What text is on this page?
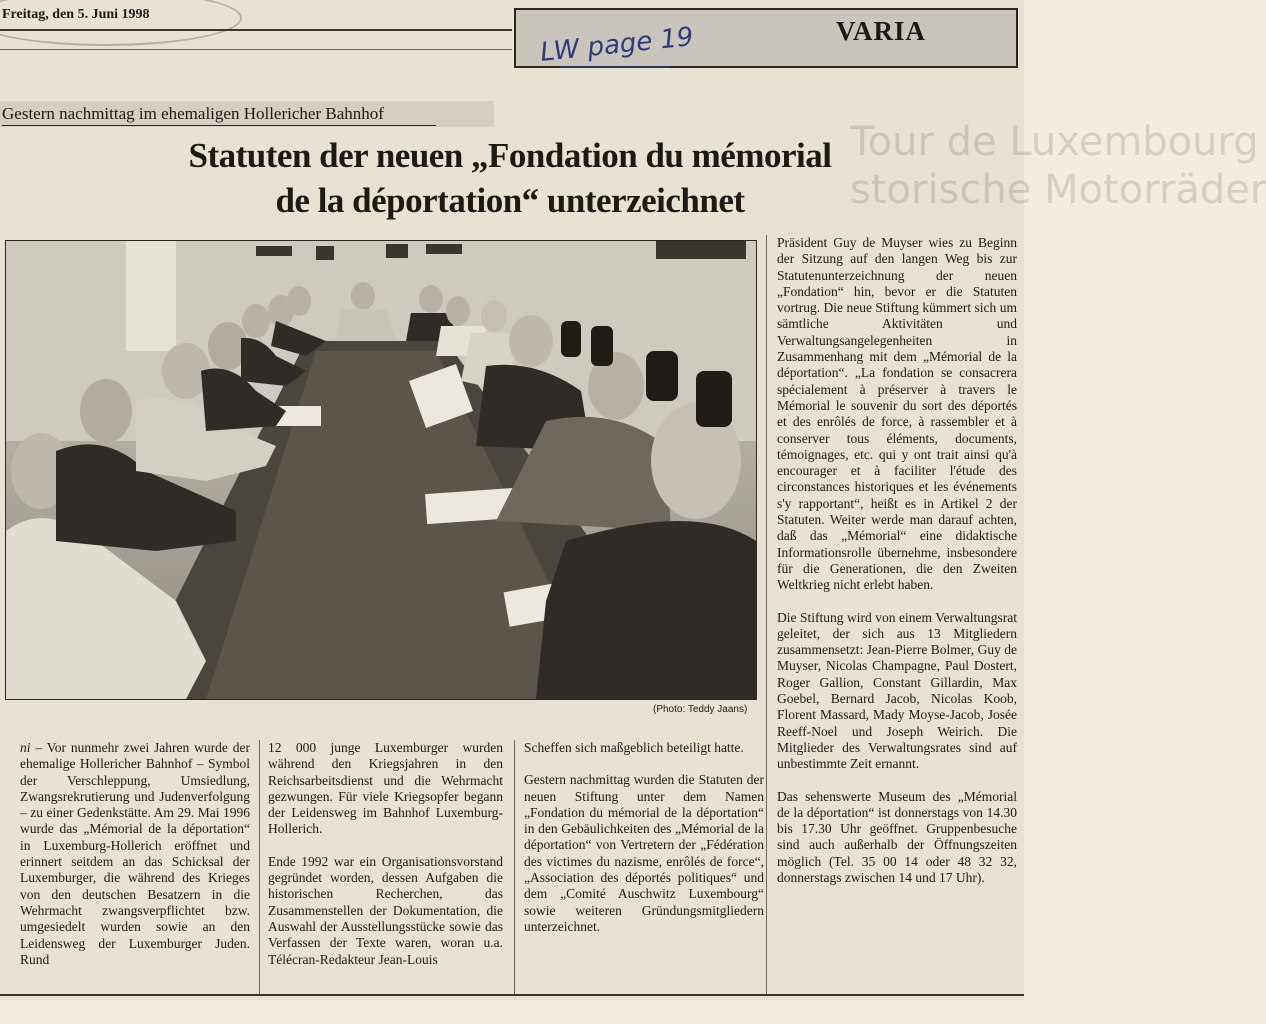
Freitag, den 5. Juni 1998
VARIA
LW page 19
Tour de Luxembourg
storische Motorräder
Gestern nachmittag im ehemaligen Hollericher Bahnhof
Statuten der neuen „Fondation du mémorial
de la déportation“ unterzeichnet
(Photo: Teddy Jaans)

Präsident Guy de Muyser wies zu Beginn der Sitzung auf den langen Weg bis zur Statutenunterzeichnung der neuen „Fondation“ hin, bevor er die Statuten vortrug. Die neue Stiftung kümmert sich um sämtliche Aktivitäten und Verwaltungsangelegenheiten in Zusammenhang mit dem „Mémorial de la déportation“. „La fondation se consacrera spécialement à préserver à travers le Mémorial le souvenir du sort des déportés et des enrôlés de force, à rassembler et à conserver tous éléments, documents, témoignages, etc. qui y ont trait ainsi qu'à encourager et à faciliter l'étude des circonstances historiques et les événements s'y rapportant“, heißt es in Artikel 2 der Statuten. Weiter werde man darauf achten, daß das „Mémorial“ eine didaktische Informationsrolle übernehme, insbesondere für die Generationen, die den Zweiten Weltkrieg nicht erlebt haben.

Die Stiftung wird von einem Verwaltungsrat geleitet, der sich aus 13 Mitgliedern zusammensetzt: Jean-Pierre Bolmer, Guy de Muyser, Nicolas Champagne, Paul Dostert, Roger Gallion, Constant Gillardin, Max Goebel, Bernard Jacob, Nicolas Koob, Florent Massard, Mady Moyse-Jacob, Josée Reeff-Noel und Joseph Weirich. Die Mitglieder des Verwaltungsrates sind auf unbestimmte Zeit ernannt.

Das sehenswerte Museum des „Mémorial de la déportation“ ist donnerstags von 14.30 bis 17.30 Uhr geöffnet. Gruppenbesuche sind auch außerhalb der Öffnungszeiten möglich (Tel. 35 00 14 oder 48 32 32, donnerstags zwischen 14 und 17 Uhr).

ni – Vor nunmehr zwei Jahren wurde der ehemalige Hollericher Bahnhof – Symbol der Verschleppung, Umsiedlung, Zwangsrekrutierung und Judenverfolgung – zu einer Gedenkstätte. Am 29. Mai 1996 wurde das „Mémorial de la déportation“ in Luxemburg-Hollerich eröffnet und erinnert seitdem an das Schicksal der Luxemburger, die während des Krieges von den deutschen Besatzern in die Wehrmacht zwangsverpflichtet bzw. umgesiedelt wurden sowie an den Leidensweg der Luxemburger Juden. Rund

12 000 junge Luxemburger wurden während den Kriegsjahren in den Reichsarbeitsdienst und die Wehrmacht gezwungen. Für viele Kriegsopfer begann der Leidensweg im Bahnhof Luxemburg-Hollerich.

Ende 1992 war ein Organisationsvorstand gegründet worden, dessen Aufgaben die historischen Recherchen, das Zusammenstellen der Dokumentation, die Auswahl der Ausstellungsstücke sowie das Verfassen der Texte waren, woran u.a. Télécran-Redakteur Jean-Louis

Scheffen sich maßgeblich beteiligt hatte.

Gestern nachmittag wurden die Statuten der neuen Stiftung unter dem Namen „Fondation du mémorial de la déportation“ in den Gebäulichkeiten des „Mémorial de la déportation“ von Vertretern der „Fédération des victimes du nazisme, enrôlés de force“, „Association des déportés politiques“ und dem „Comité Auschwitz Luxembourg“ sowie weiteren Gründungsmitgliedern unterzeichnet.
